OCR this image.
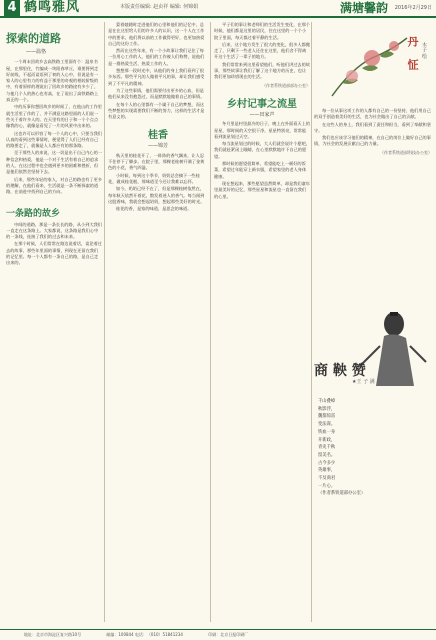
4 鹤鸣雅风	本版责任编辑: 赵贞祥 编辑: 何锦娟	满塘馨韵 2016年2月29日
探索的道路
——温恪

一个周末回故乡去高铁路工里面有个：温泉书屋，在那里住，竹编成一块阳春草丘，谁要将到走好前线，不起而谈语到了初的人心中，但说是有一家人的心里有力的有益于那里的奇观的相较阶级的中，有着原样的理说出了回故乡的路途有多少了，与他几个人的热心也有高，在了说出了高铁路路上真正的一个。

中的历事你想回故乡的时候了，在他山的工作里就生活里了作的了，并不满意这路里面的人们说一些关于着许多人的。在天里有的日子和一个个点点像我的心，就像是看见了一片的风景中出来的。

这也许可以形容了每一个人的心中，只要当我们认真的看到这些事情时，便觉得了人们已经有自己的路要走了，就像是人人都应有的那条路。

至于那些人的来说，这一切是出于自己内心的一种信念和热爱，他是一个对于生活有着自己的追求的人，在这过程中也会遇到更多的困难和挫折，但是他们依然会坚持下去。

后来，那些年轻的家人，对自己的路也有了更多的理解，在他们看来，生活就是一条不断探索的道路，在前进中找到自己的方向。

一条路的故乡

中间的道路，那是一条长长的路，从小到大我们一直走在这条路上。大家都说，这条路是我们心中的一条线，连接了我们的过去和未来。

在那个时候，人们常常在路边说着话，谈论着过去的故事，那些年里面的事情，到现在还留在我们的记忆里。每一个人都有一条自己的路，是自己走出来的。

蒙着她随时走进他们的心里和他们的记忆中，总是在在这里给人们的许多人的认识，这一个人在工作中的要求，他们将以前的工作做得更好，也更加热爱自己的这份工作。

然而在这些年来，有一个小故事让我们记住了每一位用心工作的人，他们的工作被人们称赞，说他们是一群热爱生活、热爱工作的人。

想想那一段时光中，从他们的身上我们看到了很多东西。那些平凡的人做着平凡的事，却让我们感受到了不平凡的精神。

为了这些事情，他们需要付出更多的心血，但是他们从来没有抱怨过，而是默默地做着自己的事情。

在每个人的心里都有一个属于自己的梦想，而这些梦想的实现需要我们不断的努力，这样的生活才是有意义的。

桂香
——锦芳

秋天里的桂花开了，一阵阵的香气飘来，让人忍不住停下了脚步。在院子里，那棵老桂树开满了金黄色的小花，香气四溢。

小时候，每到这个季节，奶奶总会摘下一些桂花，做成桂花糕，那味道至今还让我难以忘怀。

如今，奶奶已经不在了，但是那棵桂树依然在，每年秋天依然开着花，散发着迷人的香气。每当闻到这股香味，我就会想起奶奶，想起那些美好的时光。

桂花的香，是家的味道，是思念的味道。

平子们的事让和老师们的生活发生变化，在那个时候，他们都是这里的居民，住在这里的一个个小院子里面，每天都过着平静的生活。

后来，这个地方发生了很大的变化，很多人都搬走了，只剩下一些老人还住在这里，他们舍不得离开这个生活了一辈子的地方。

我们常常来到这里看望他们，听他们讲过去的故事，那些故事让我们了解了这个地方的历史，也让我们更加珍惜现在的生活。

（作者系铁道部部办公室）
乡村记事之流星
——田家声

冬月里是村里最冷的日子，晚上在外面看天上的星星，那时候的天空很干净，星星特别亮，常常能看到流星划过天空。

每当流星划过的时候，大人们就会说许个愿吧，我们就赶紧闭上眼睛，在心里默默地许下自己的愿望。

那时候的愿望很简单，希望能吃上一顿好的饭菜，希望过年能穿上新衣服，希望家里的老人身体健康。

现在想起来，那些愿望虽然简单，却是我们童年里最美好的记忆，那些星星和流星也一直留在我们的心里。

丹 怔 木子 绘

每一位从事这项工作的人都有自己的一份坚持，他们用自己的双手创造着美好的生活，也为社会做出了自己的贡献。

在这些人的身上，我们看到了责任和担当，看到了奉献和坚守。

我们也应该学习他们的精神，在自己的岗位上做好自己的事情，为社会的发展贡献自己的力量。

（作者系铁道部科技办公室）
商 鞅 赞
★王 子 满
千山叠嶂
秋影浮，
魏都惊雷
变法谋。
铁血一身
开新政，
青史千秋
留美名。
古今多少
英雄事，
不及商君
一片心。
（作者系铁道部办公室）
地址：北京市海淀区复兴路10号	邮编：100844 电话：（010）51841234	印刷：北京日报印刷厂
